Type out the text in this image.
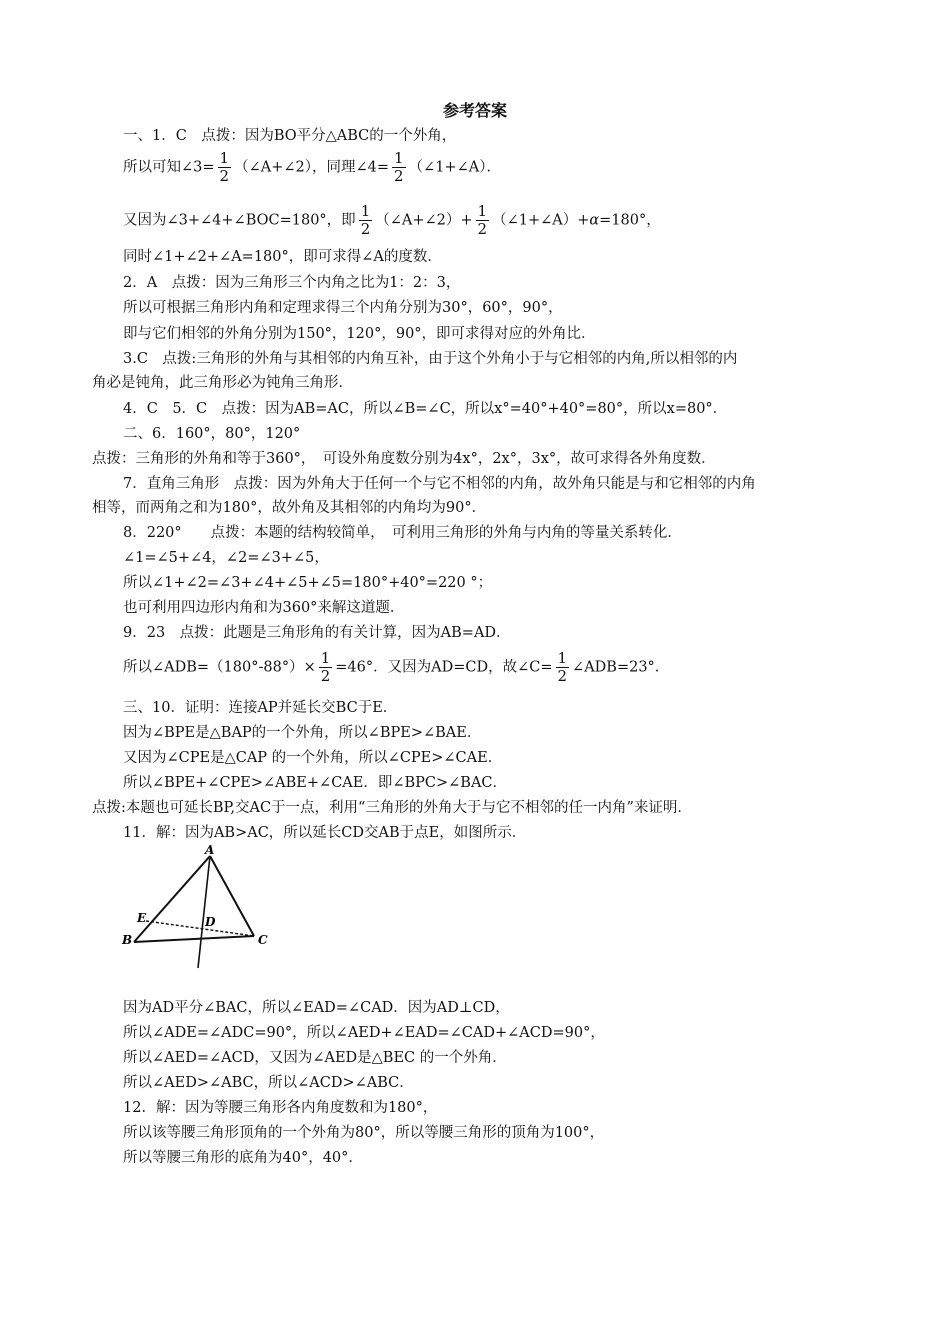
参考答案
一、1．C　点拨：因为BO平分△ABC的一个外角，
所以可知∠3= $\frac{1}{2}$ （∠A+∠2），同理∠4= $\frac{1}{2}$ （∠1+∠A）．
又因为∠3+∠4+∠BOC=180°，即 $\frac{1}{2}$ （∠A+∠2）+ $\frac{1}{2}$ （∠1+∠A）+α=180°，
同时∠1+∠2+∠A=180°，即可求得∠A的度数．
2．A　点拨：因为三角形三个内角之比为1：2：3，
所以可根据三角形内角和定理求得三个内角分别为30°，60°，90°，
即与它们相邻的外角分别为150°，120°，90°，即可求得对应的外角比．
3.C　点拨:三角形的外角与其相邻的内角互补，由于这个外角小于与它相邻的内角,所以相邻的内
角必是钝角，此三角形必为钝角三角形．
4．C　5．C　点拨：因为AB=AC，所以∠B=∠C，所以x°=40°+40°=80°，所以x=80°．
二、6．160°，80°，120°
点拨：三角形的外角和等于360°，　可设外角度数分别为4x°，2x°，3x°，故可求得各外角度数．
7．直角三角形　点拨：因为外角大于任何一个与它不相邻的内角，故外角只能是与和它相邻的内角
相等，而两角之和为180°，故外角及其相邻的内角均为90°．
8．220°　　点拨：本题的结构较简单，　可利用三角形的外角与内角的等量关系转化．
∠1=∠5+∠4，∠2=∠3+∠5，
所以∠1+∠2=∠3+∠4+∠5+∠5=180°+40°=220 °；
也可利用四边形内角和为360°来解这道题．
9．23　点拨：此题是三角形角的有关计算，因为AB=AD．
所以∠ADB=（180°-88°）× $\frac{1}{2} =46^\circ$．又因为AD=CD，故∠C= $\frac{1}{2}$ ∠ADB=23°．
三、10．证明：连接AP并延长交BC于E．
因为∠BPE是△BAP的一个外角，所以∠BPE>∠BAE．
又因为∠CPE是△CAP 的一个外角，所以∠CPE>∠CAE．
所以∠BPE+∠CPE>∠ABE+∠CAE．即∠BPC>∠BAC．
点拨:本题也可延长BP,交AC于一点，利用“三角形的外角大于与它不相邻的任一内角”来证明．
11．解：因为AB>AC，所以延长CD交AB于点E，如图所示．
A
B	C
D
E
因为AD平分∠BAC，所以∠EAD=∠CAD．因为AD⊥CD，
所以∠ADE=∠ADC=90°，所以∠AED+∠EAD=∠CAD+∠ACD=90°，
所以∠AED=∠ACD，又因为∠AED是△BEC 的一个外角．
所以∠AED>∠ABC，所以∠ACD>∠ABC．
12．解：因为等腰三角形各内角度数和为180°，
所以该等腰三角形顶角的一个外角为80°，所以等腰三角形的顶角为100°，
所以等腰三角形的底角为40°，40°．
